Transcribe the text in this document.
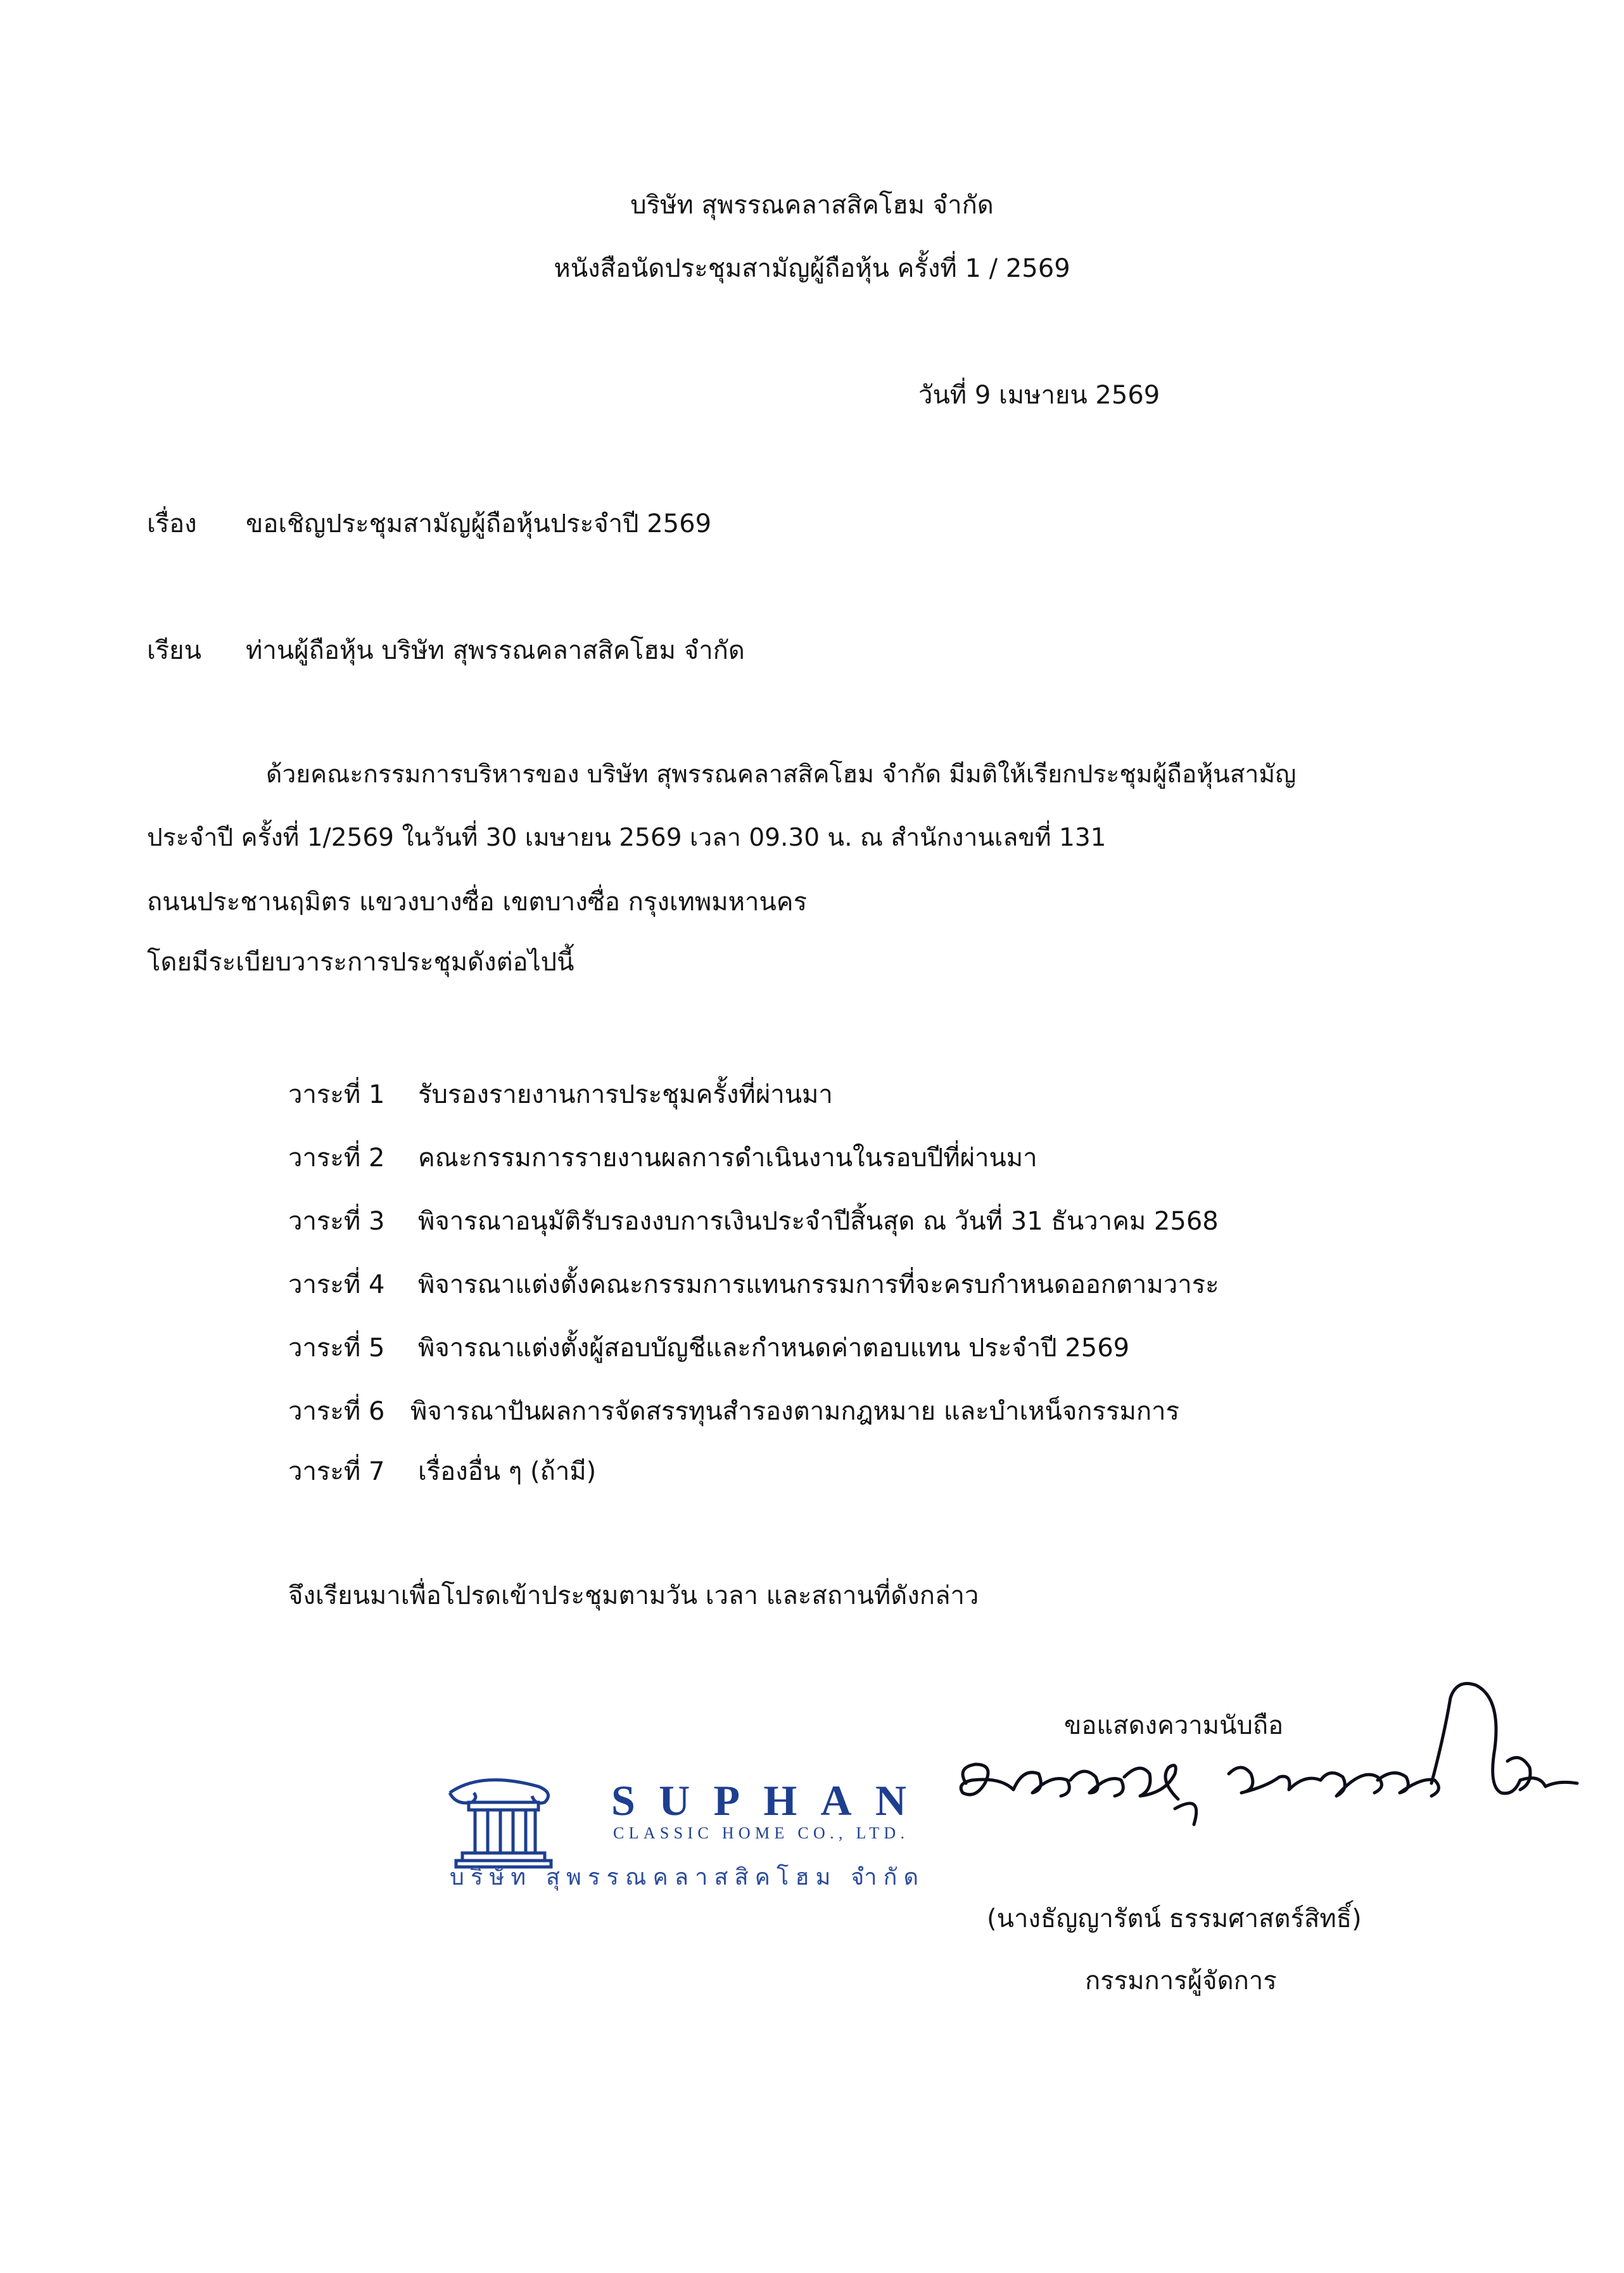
บริษัท สุพรรณคลาสสิคโฮม จำกัด
หนังสือนัดประชุมสามัญผู้ถือหุ้น ครั้งที่ 1 / 2569
วันที่ 9 เมษายน 2569
เรื่อง ขอเชิญประชุมสามัญผู้ถือหุ้นประจำปี 2569
เรียน ท่านผู้ถือหุ้น บริษัท สุพรรณคลาสสิคโฮม จำกัด
ด้วยคณะกรรมการบริหารของ บริษัท สุพรรณคลาสสิคโฮม จำกัด มีมติให้เรียกประชุมผู้ถือหุ้นสามัญ
ประจำปี ครั้งที่ 1/2569 ในวันที่ 30 เมษายน 2569 เวลา 09.30 น. ณ สำนักงานเลขที่ 131
ถนนประชานฤมิตร แขวงบางซื่อ เขตบางซื่อ กรุงเทพมหานคร
โดยมีระเบียบวาระการประชุมดังต่อไปนี้
วาระที่ 1 รับรองรายงานการประชุมครั้งที่ผ่านมา
วาระที่ 2 คณะกรรมการรายงานผลการดำเนินงานในรอบปีที่ผ่านมา
วาระที่ 3 พิจารณาอนุมัติรับรองงบการเงินประจำปีสิ้นสุด ณ วันที่ 31 ธันวาคม 2568
วาระที่ 4 พิจารณาแต่งตั้งคณะกรรมการแทนกรรมการที่จะครบกำหนดออกตามวาระ
วาระที่ 5 พิจารณาแต่งตั้งผู้สอบบัญชีและกำหนดค่าตอบแทน ประจำปี 2569
วาระที่ 6 พิจารณาปันผลการจัดสรรทุนสำรองตามกฎหมาย และบำเหน็จกรรมการ
วาระที่ 7 เรื่องอื่น ๆ (ถ้ามี)
จึงเรียนมาเพื่อโปรดเข้าประชุมตามวัน เวลา และสถานที่ดังกล่าว
ขอแสดงความนับถือ
SUPHAN
CLASSIC HOME CO., LTD.
บริษัท สุพรรณคลาสสิคโฮม จำกัด
(นางธัญญารัตน์ ธรรมศาสตร์สิทธิ์)
กรรมการผู้จัดการ
